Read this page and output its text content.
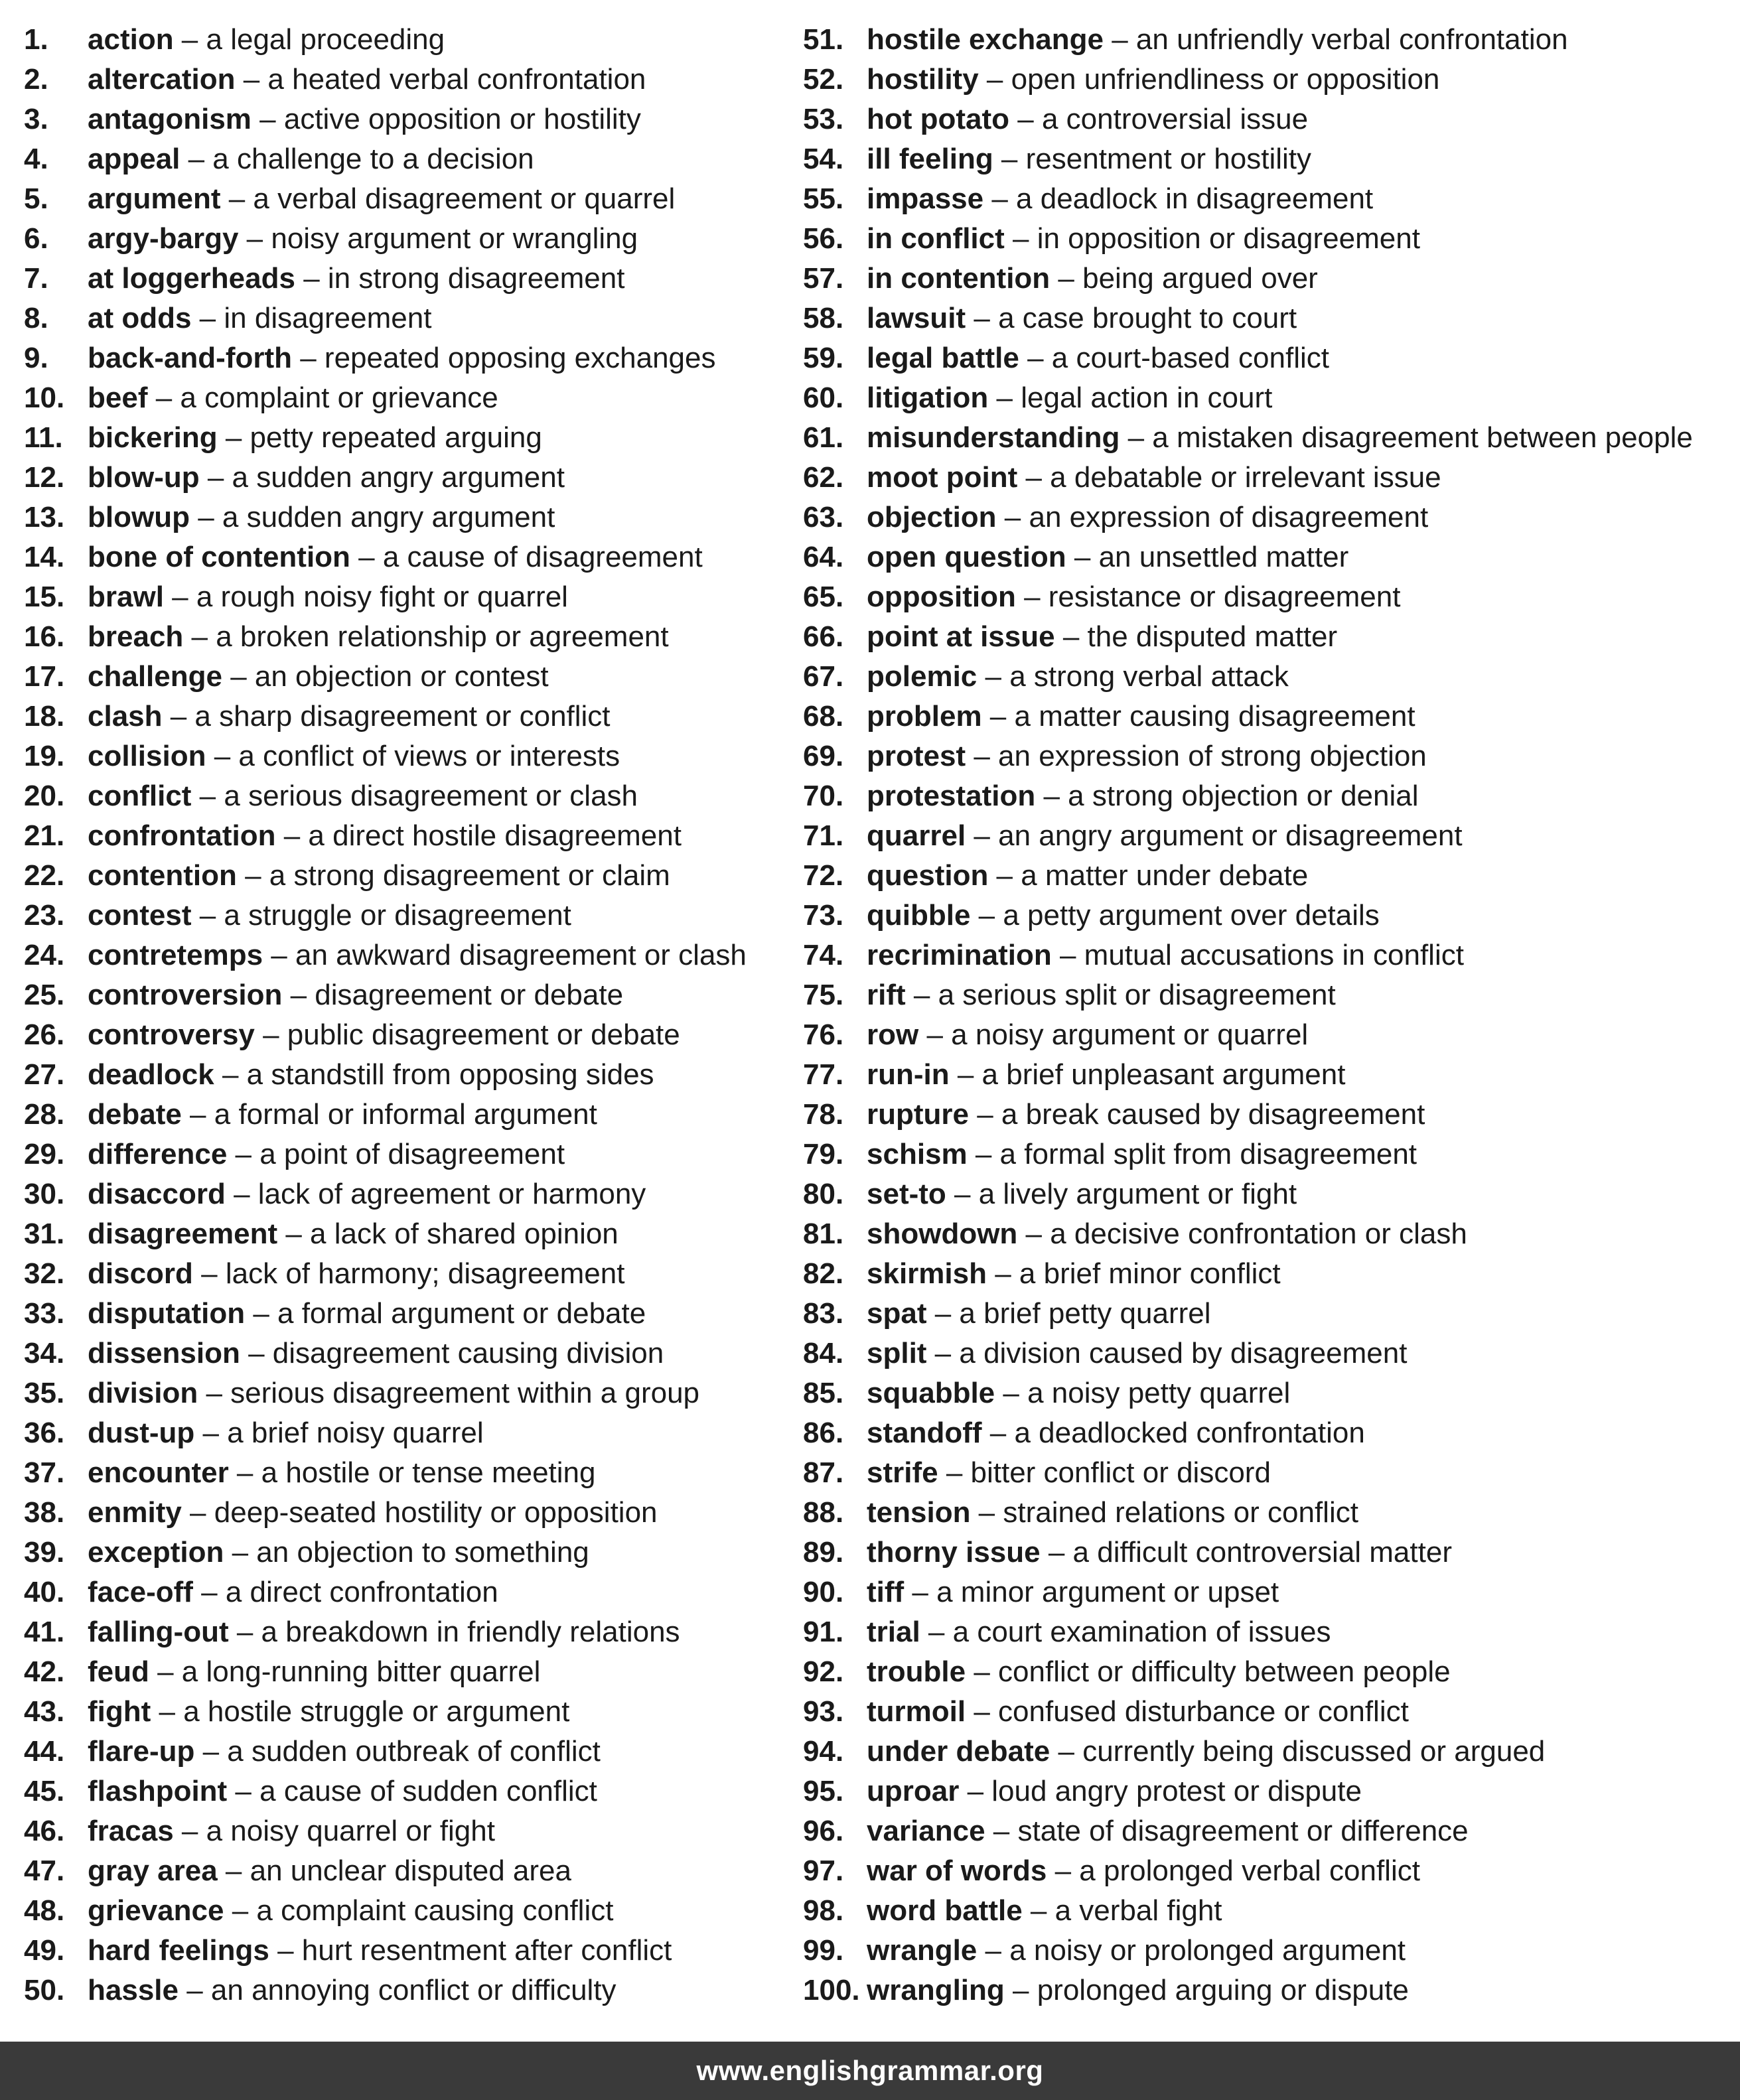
1.	action – a legal proceeding
2.	altercation – a heated verbal confrontation
3.	antagonism – active opposition or hostility
4.	appeal – a challenge to a decision
5.	argument – a verbal disagreement or quarrel
6.	argy-bargy – noisy argument or wrangling
7.	at loggerheads – in strong disagreement
8.	at odds – in disagreement
9.	back-and-forth – repeated opposing exchanges
10. beef – a complaint or grievance
11. bickering – petty repeated arguing
12. blow-up – a sudden angry argument
13. blowup – a sudden angry argument
14. bone of contention – a cause of disagreement
15. brawl – a rough noisy fight or quarrel
16. breach – a broken relationship or agreement
17. challenge – an objection or contest
18. clash – a sharp disagreement or conflict
19. collision – a conflict of views or interests
20. conflict – a serious disagreement or clash
21. confrontation – a direct hostile disagreement
22. contention – a strong disagreement or claim
23. contest – a struggle or disagreement
24. contretemps – an awkward disagreement or clash
25. controversion – disagreement or debate
26. controversy – public disagreement or debate
27. deadlock – a standstill from opposing sides
28. debate – a formal or informal argument
29. difference – a point of disagreement
30. disaccord – lack of agreement or harmony
31. disagreement – a lack of shared opinion
32. discord – lack of harmony; disagreement
33. disputation – a formal argument or debate
34. dissension – disagreement causing division
35. division – serious disagreement within a group
36. dust-up – a brief noisy quarrel
37. encounter – a hostile or tense meeting
38. enmity – deep-seated hostility or opposition
39. exception – an objection to something
40. face-off – a direct confrontation
41. falling-out – a breakdown in friendly relations
42. feud – a long-running bitter quarrel
43. fight – a hostile struggle or argument
44. flare-up – a sudden outbreak of conflict
45. flashpoint – a cause of sudden conflict
46. fracas – a noisy quarrel or fight
47. gray area – an unclear disputed area
48. grievance – a complaint causing conflict
49. hard feelings – hurt resentment after conflict
50. hassle – an annoying conflict or difficulty
51. hostile exchange – an unfriendly verbal confrontation
52. hostility – open unfriendliness or opposition
53. hot potato – a controversial issue
54. ill feeling – resentment or hostility
55. impasse – a deadlock in disagreement
56. in conflict – in opposition or disagreement
57. in contention – being argued over
58. lawsuit – a case brought to court
59. legal battle – a court-based conflict
60. litigation – legal action in court
61. misunderstanding – a mistaken disagreement between people
62. moot point – a debatable or irrelevant issue
63. objection – an expression of disagreement
64. open question – an unsettled matter
65. opposition – resistance or disagreement
66. point at issue – the disputed matter
67. polemic – a strong verbal attack
68. problem – a matter causing disagreement
69. protest – an expression of strong objection
70. protestation – a strong objection or denial
71. quarrel – an angry argument or disagreement
72. question – a matter under debate
73. quibble – a petty argument over details
74. recrimination – mutual accusations in conflict
75. rift – a serious split or disagreement
76. row – a noisy argument or quarrel
77. run-in – a brief unpleasant argument
78. rupture – a break caused by disagreement
79. schism – a formal split from disagreement
80. set-to – a lively argument or fight
81. showdown – a decisive confrontation or clash
82. skirmish – a brief minor conflict
83. spat – a brief petty quarrel
84. split – a division caused by disagreement
85. squabble – a noisy petty quarrel
86. standoff – a deadlocked confrontation
87. strife – bitter conflict or discord
88. tension – strained relations or conflict
89. thorny issue – a difficult controversial matter
90. tiff – a minor argument or upset
91. trial – a court examination of issues
92. trouble – conflict or difficulty between people
93. turmoil – confused disturbance or conflict
94. under debate – currently being discussed or argued
95. uproar – loud angry protest or dispute
96. variance – state of disagreement or difference
97. war of words – a prolonged verbal conflict
98. word battle – a verbal fight
99. wrangle – a noisy or prolonged argument
100. wrangling – prolonged arguing or dispute
www.englishgrammar.org
